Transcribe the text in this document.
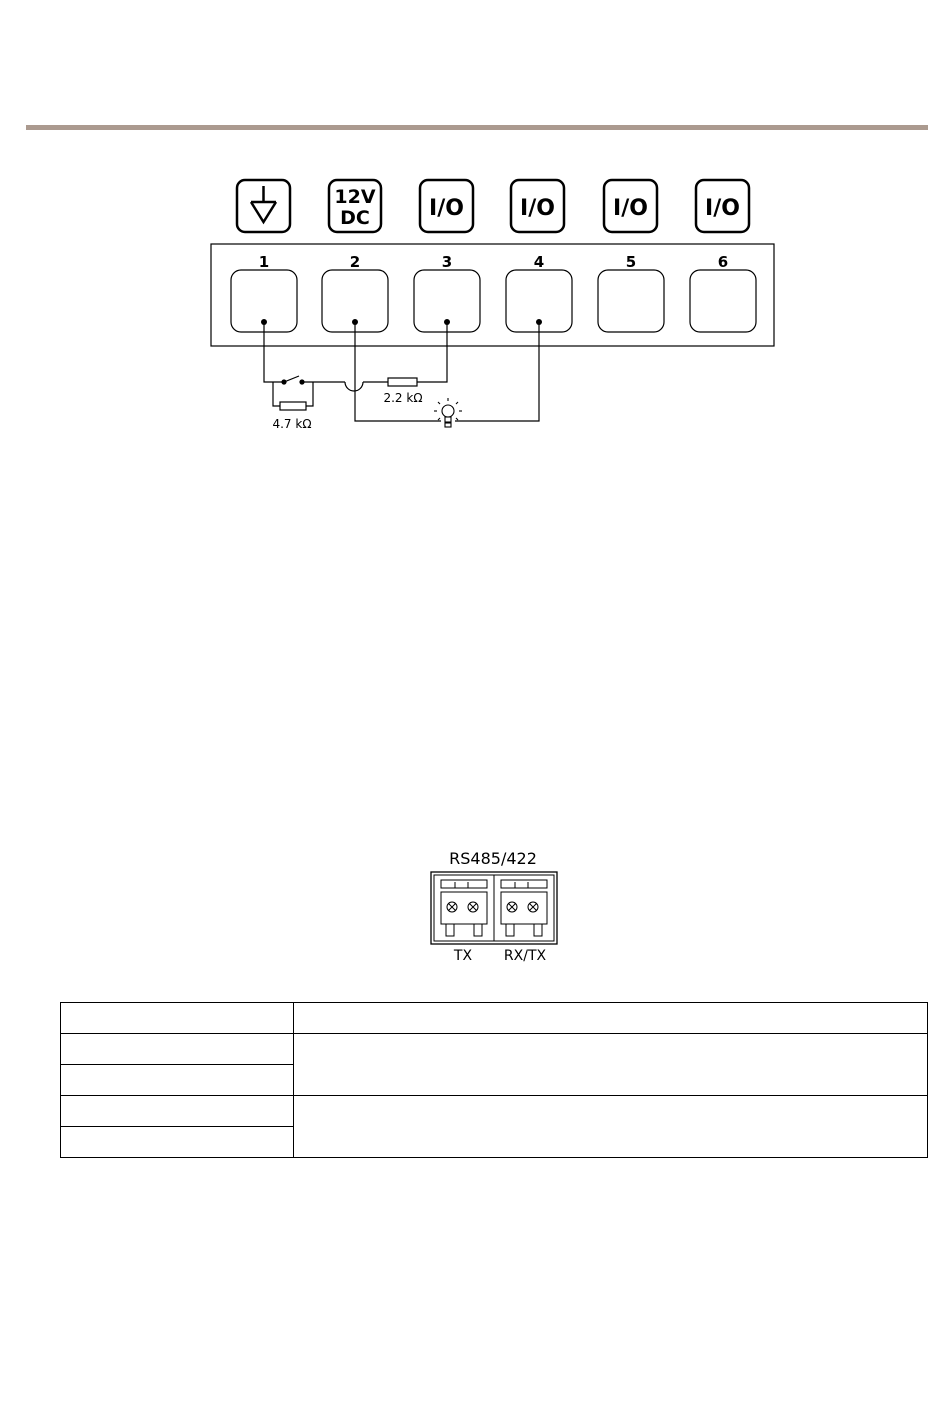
12V
DC	I/O	I/O	I/O	I/O
1	2	3	4	5	6
4.7 kΩ
2.2 kΩ
RS485/422
TX RX/TX
